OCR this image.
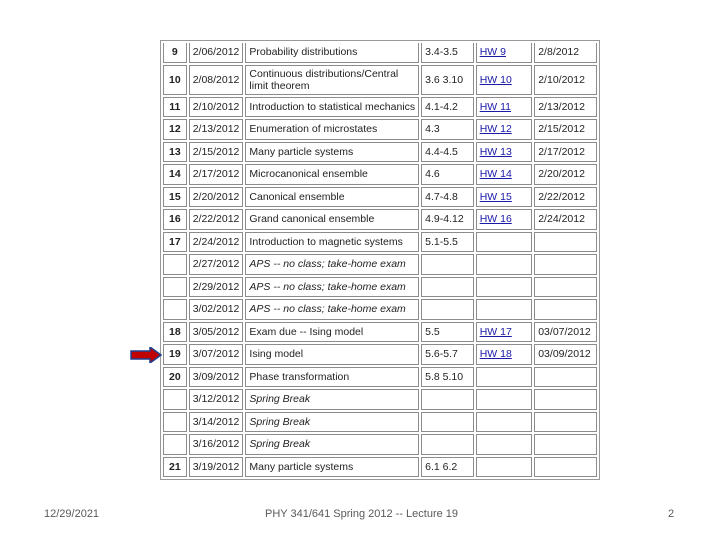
9	2/06/2012	Probability distributions	3.4-3.5	HW 9	2/8/2012
10	2/08/2012	Continuous distributions/Central limit theorem	3.6 3.10	HW 10	2/10/2012
11	2/10/2012	Introduction to statistical mechanics	4.1-4.2	HW 11	2/13/2012
12	2/13/2012	Enumeration of microstates	4.3	HW 12	2/15/2012
13	2/15/2012	Many particle systems	4.4-4.5	HW 13	2/17/2012
14	2/17/2012	Microcanonical ensemble	4.6	HW 14	2/20/2012
15	2/20/2012	Canonical ensemble	4.7-4.8	HW 15	2/22/2012
16	2/22/2012	Grand canonical ensemble	4.9-4.12	HW 16	2/24/2012
17	2/24/2012	Introduction to magnetic systems	5.1-5.5		
	2/27/2012	APS -- no class; take-home exam			
	2/29/2012	APS -- no class; take-home exam			
	3/02/2012	APS -- no class; take-home exam			
18	3/05/2012	Exam due -- Ising model	5.5	HW 17	03/07/2012
19	3/07/2012	Ising model	5.6-5.7	HW 18	03/09/2012
20	3/09/2012	Phase transformation	5.8 5.10		
	3/12/2012	Spring Break			
	3/14/2012	Spring Break			
	3/16/2012	Spring Break			
21	3/19/2012	Many particle systems	6.1 6.2		
12/29/2021	PHY 341/641 Spring 2012 -- Lecture 19	2
